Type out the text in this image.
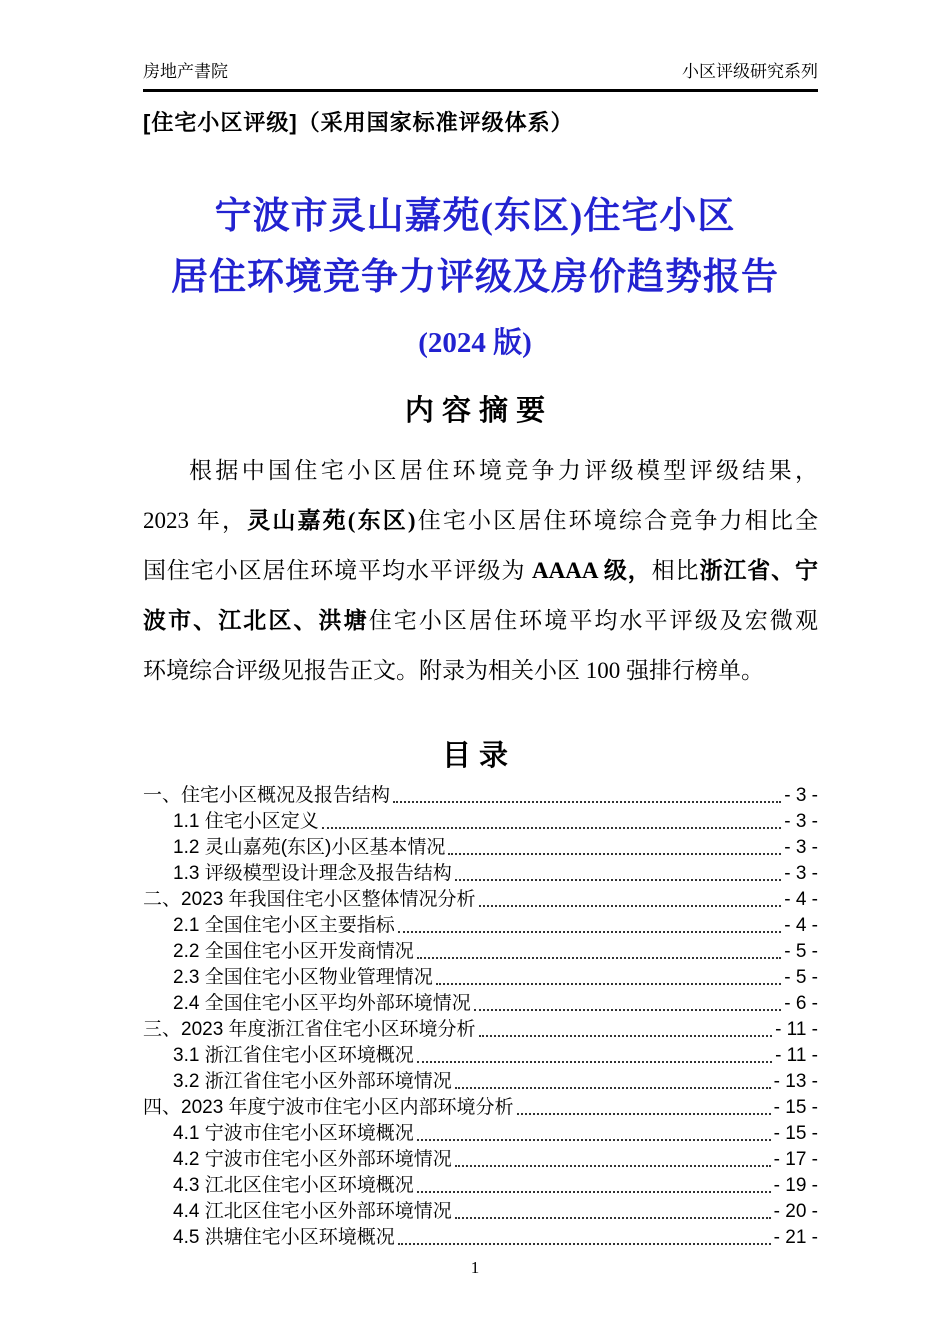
房地产書院	小区评级研究系列
[住宅小区评级]（采用国家标准评级体系）
宁波市灵山嘉苑(东区)住宅小区
居住环境竞争力评级及房价趋势报告
(2024 版)
内 容 摘 要
根据中国住宅小区居住环境竞争力评级模型评级结果，
2023 年，灵山嘉苑(东区)住宅小区居住环境综合竞争力相比全
国住宅小区居住环境平均水平评级为 AAAA 级，相比浙江省、宁
波市、江北区、洪塘住宅小区居住环境平均水平评级及宏微观
环境综合评级见报告正文。附录为相关小区 100 强排行榜单。
目 录
一、住宅小区概况及报告结构	- 3 -
1.1 住宅小区定义	- 3 -
1.2 灵山嘉苑(东区)小区基本情况	- 3 -
1.3 评级模型设计理念及报告结构	- 3 -
二、2023 年我国住宅小区整体情况分析	- 4 -
2.1 全国住宅小区主要指标	- 4 -
2.2 全国住宅小区开发商情况	- 5 -
2.3 全国住宅小区物业管理情况	- 5 -
2.4 全国住宅小区平均外部环境情况	- 6 -
三、2023 年度浙江省住宅小区环境分析	- 11 -
3.1 浙江省住宅小区环境概况	- 11 -
3.2 浙江省住宅小区外部环境情况	- 13 -
四、2023 年度宁波市住宅小区内部环境分析	- 15 -
4.1 宁波市住宅小区环境概况	- 15 -
4.2 宁波市住宅小区外部环境情况	- 17 -
4.3 江北区住宅小区环境概况	- 19 -
4.4 江北区住宅小区外部环境情况	- 20 -
4.5 洪塘住宅小区环境概况	- 21 -
1
